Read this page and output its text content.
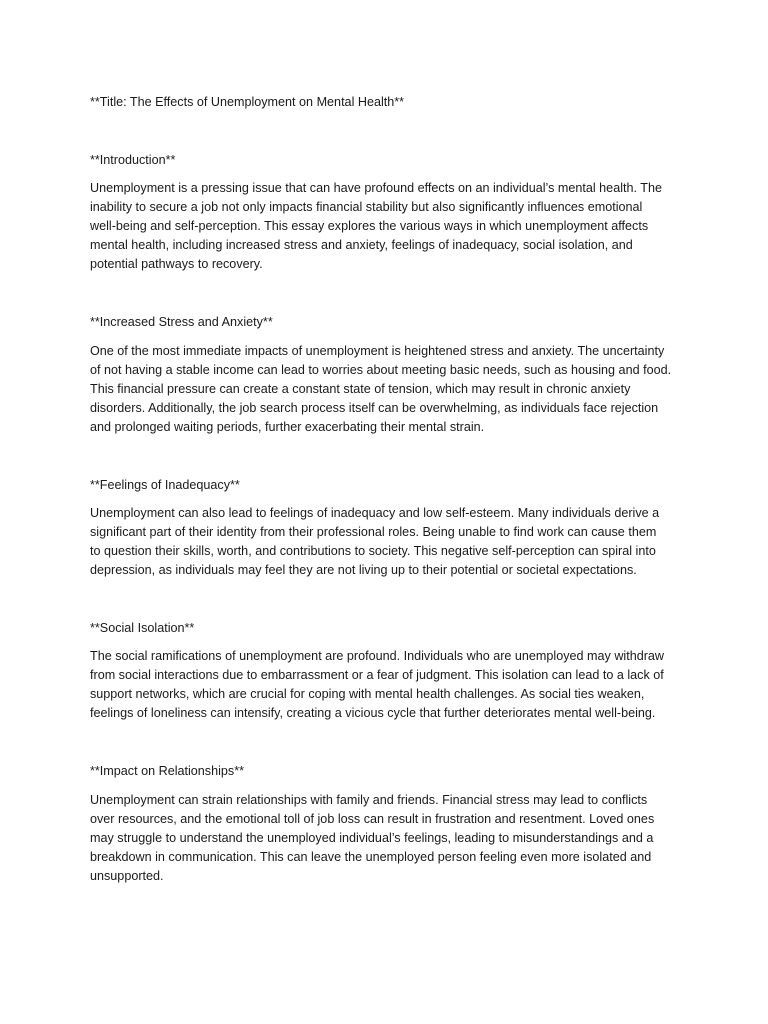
**Title: The Effects of Unemployment on Mental Health**
**Introduction**

Unemployment is a pressing issue that can have profound effects on an individual’s mental health. The
inability to secure a job not only impacts financial stability but also significantly influences emotional
well-being and self-perception. This essay explores the various ways in which unemployment affects
mental health, including increased stress and anxiety, feelings of inadequacy, social isolation, and
potential pathways to recovery.

**Increased Stress and Anxiety**

One of the most immediate impacts of unemployment is heightened stress and anxiety. The uncertainty
of not having a stable income can lead to worries about meeting basic needs, such as housing and food.
This financial pressure can create a constant state of tension, which may result in chronic anxiety
disorders. Additionally, the job search process itself can be overwhelming, as individuals face rejection
and prolonged waiting periods, further exacerbating their mental strain.

**Feelings of Inadequacy**

Unemployment can also lead to feelings of inadequacy and low self-esteem. Many individuals derive a
significant part of their identity from their professional roles. Being unable to find work can cause them
to question their skills, worth, and contributions to society. This negative self-perception can spiral into
depression, as individuals may feel they are not living up to their potential or societal expectations.

**Social Isolation**

The social ramifications of unemployment are profound. Individuals who are unemployed may withdraw
from social interactions due to embarrassment or a fear of judgment. This isolation can lead to a lack of
support networks, which are crucial for coping with mental health challenges. As social ties weaken,
feelings of loneliness can intensify, creating a vicious cycle that further deteriorates mental well-being.

**Impact on Relationships**

Unemployment can strain relationships with family and friends. Financial stress may lead to conflicts
over resources, and the emotional toll of job loss can result in frustration and resentment. Loved ones
may struggle to understand the unemployed individual’s feelings, leading to misunderstandings and a
breakdown in communication. This can leave the unemployed person feeling even more isolated and
unsupported.
